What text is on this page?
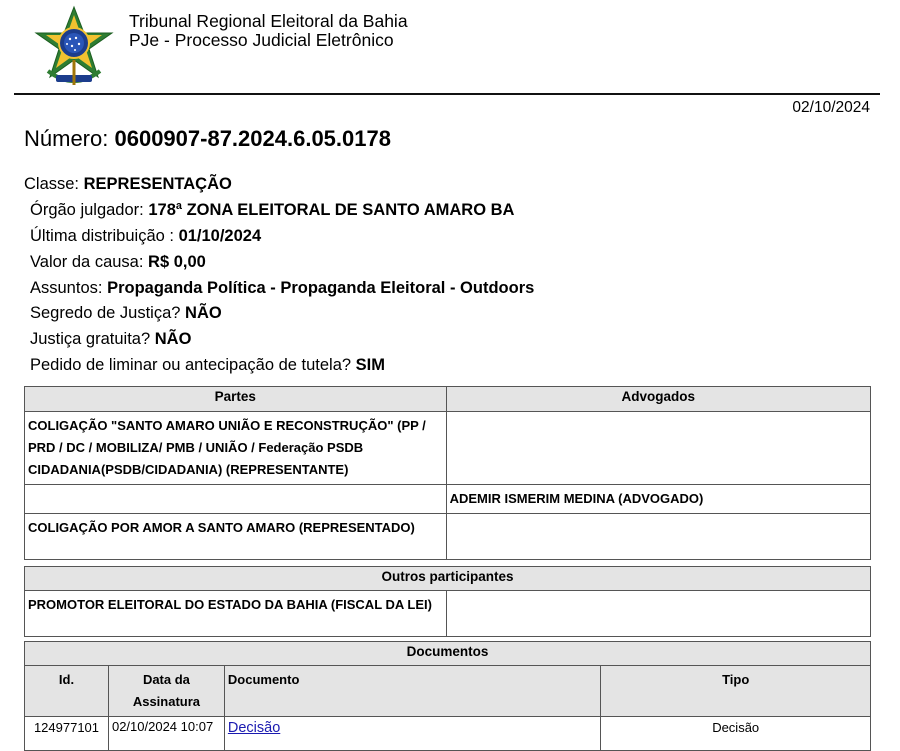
Tribunal Regional Eleitoral da Bahia
PJe - Processo Judicial Eletrônico
02/10/2024
Número: 0600907-87.2024.6.05.0178
Classe: REPRESENTAÇÃO
Órgão julgador: 178ª ZONA ELEITORAL DE SANTO AMARO BA
Última distribuição : 01/10/2024
Valor da causa: R$ 0,00
Assuntos: Propaganda Política - Propaganda Eleitoral - Outdoors
Segredo de Justiça? NÃO
Justiça gratuita? NÃO
Pedido de liminar ou antecipação de tutela? SIM
Partes	Advogados
COLIGAÇÃO "SANTO AMARO UNIÃO E RECONSTRUÇÃO" (PP / PRD / DC / MOBILIZA/ PMB / UNIÃO / Federação PSDB CIDADANIA(PSDB/CIDADANIA) (REPRESENTANTE)	
	ADEMIR ISMERIM MEDINA (ADVOGADO)
COLIGAÇÃO POR AMOR A SANTO AMARO (REPRESENTADO)	
Outros participantes
PROMOTOR ELEITORAL DO ESTADO DA BAHIA (FISCAL DA LEI)	
Documentos			
Id.	Data da Assinatura	Documento	Tipo
124977101	02/10/2024 10:07	Decisão	Decisão
